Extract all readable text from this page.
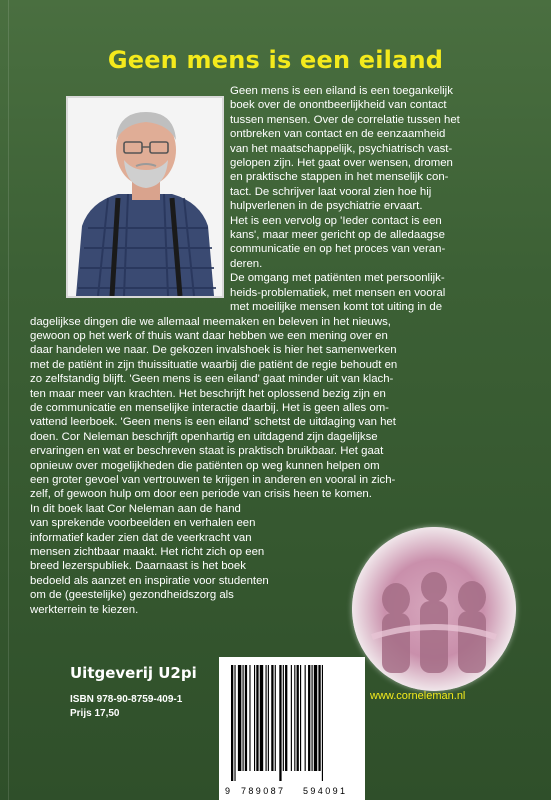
Geen mens is een eiland
Geen mens is een eiland is een toegankelijk
boek over de onontbeerlijkheid van contact
tussen mensen. Over de correlatie tussen het
ontbreken van contact en de eenzaamheid
van het maatschappelijk, psychiatrisch vast-
gelopen zijn. Het gaat over wensen, dromen
en praktische stappen in het menselijk con-
tact. De schrijver laat vooral zien hoe hij
hulpverlenen in de psychiatrie ervaart.
Het is een vervolg op 'Ieder contact is een
kans', maar meer gericht op de alledaagse
communicatie en op het proces van veran-
deren.
De omgang met patiënten met persoonlijk-
heids-problematiek, met mensen en vooral
met moeilijke mensen komt tot uiting in de
dagelijkse dingen die we allemaal meemaken en beleven in het nieuws,
gewoon op het werk of thuis want daar hebben we een mening over en
daar handelen we naar. De gekozen invalshoek is hier het samenwerken
met de patiënt in zijn thuissituatie waarbij die patiënt de regie behoudt en
zo zelfstandig blijft. 'Geen mens is een eiland' gaat minder uit van klach-
ten maar meer van krachten. Het beschrijft het oplossend bezig zijn en
de communicatie en menselijke interactie daarbij. Het is geen alles om-
vattend leerboek. 'Geen mens is een eiland' schetst de uitdaging van het
doen. Cor Neleman beschrijft openhartig en uitdagend zijn dagelijkse
ervaringen en wat er beschreven staat is praktisch bruikbaar. Het gaat
opnieuw over mogelijkheden die patiënten op weg kunnen helpen om
een groter gevoel van vertrouwen te krijgen in anderen en vooral in zich-
zelf, of gewoon hulp om door een periode van crisis heen te komen.
In dit boek laat Cor Neleman aan de hand
van sprekende voorbeelden en verhalen een
informatief kader zien dat de veerkracht van
mensen zichtbaar maakt. Het richt zich op een
breed lezerspubliek. Daarnaast is het boek
bedoeld als aanzet en inspiratie voor studenten
om de (geestelijke) gezondheidszorg als
werkterrein te kiezen.
Uitgeverij U2pi
ISBN 978-90-8759-409-1
Prijs 17,50
www.corneleman.nl
9 789087 594091
